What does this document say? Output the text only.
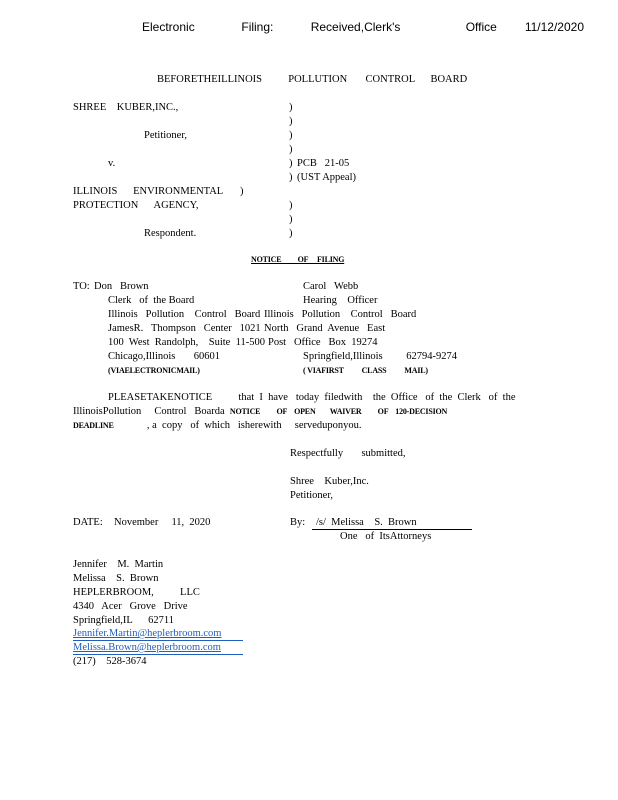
Electronic     Filing:    Received,Clerk's       Office   11/12/2020
BEFORETHEILLINOIS          POLLUTION       CONTROL      BOARD
SHREE    KUBER,INC.,
Petitioner,
v.
ILLINOIS      ENVIRONMENTAL
PROTECTION      AGENCY,
Respondent.
)
)
)
)
) PCB   21-05
) (UST Appeal)
)
)
)
)
NOTICE         OF     FILING
TO: Don   Brown
Clerk   of  the Board
Illinois   Pollution    Control   Board
JamesR.   Thompson   Center   1021
100  West  Randolph,    Suite  11-500
Chicago,Illinois       60601
(VIAELECTRONICMAIL)
Carol   Webb
Hearing    Officer
Illinois   Pollution    Control   Board
North   Grand  Avenue   East
Post   Office   Box  19274
Springfield,Illinois         62794-9274
( VIAFIRST          CLASS          MAIL)
PLEASETAKENOTICE          that  I  have   today  filedwith    the  Office   of  the  Clerk   of  the
IllinoisPollution     Control   Boarda NOTICE         OF    OPEN        WAIVER         OF    120-DECISION
DEADLINE	, a  copy   of  which   isherewith     serveduponyou.
Respectfully       submitted,
Shree    Kuber,Inc.
Petitioner,
DATE: November     11,  2020	By: /s/  Melissa    S.  Brown
One   of  ItsAttorneys
Jennifer    M.  Martin
Melissa    S.  Brown
HEPLERBROOM,          LLC
4340   Acer   Grove   Drive
Springfield,IL      62711
Jennifer.Martin@heplerbroom.com
Melissa.Brown@heplerbroom.com
(217)    528-3674
